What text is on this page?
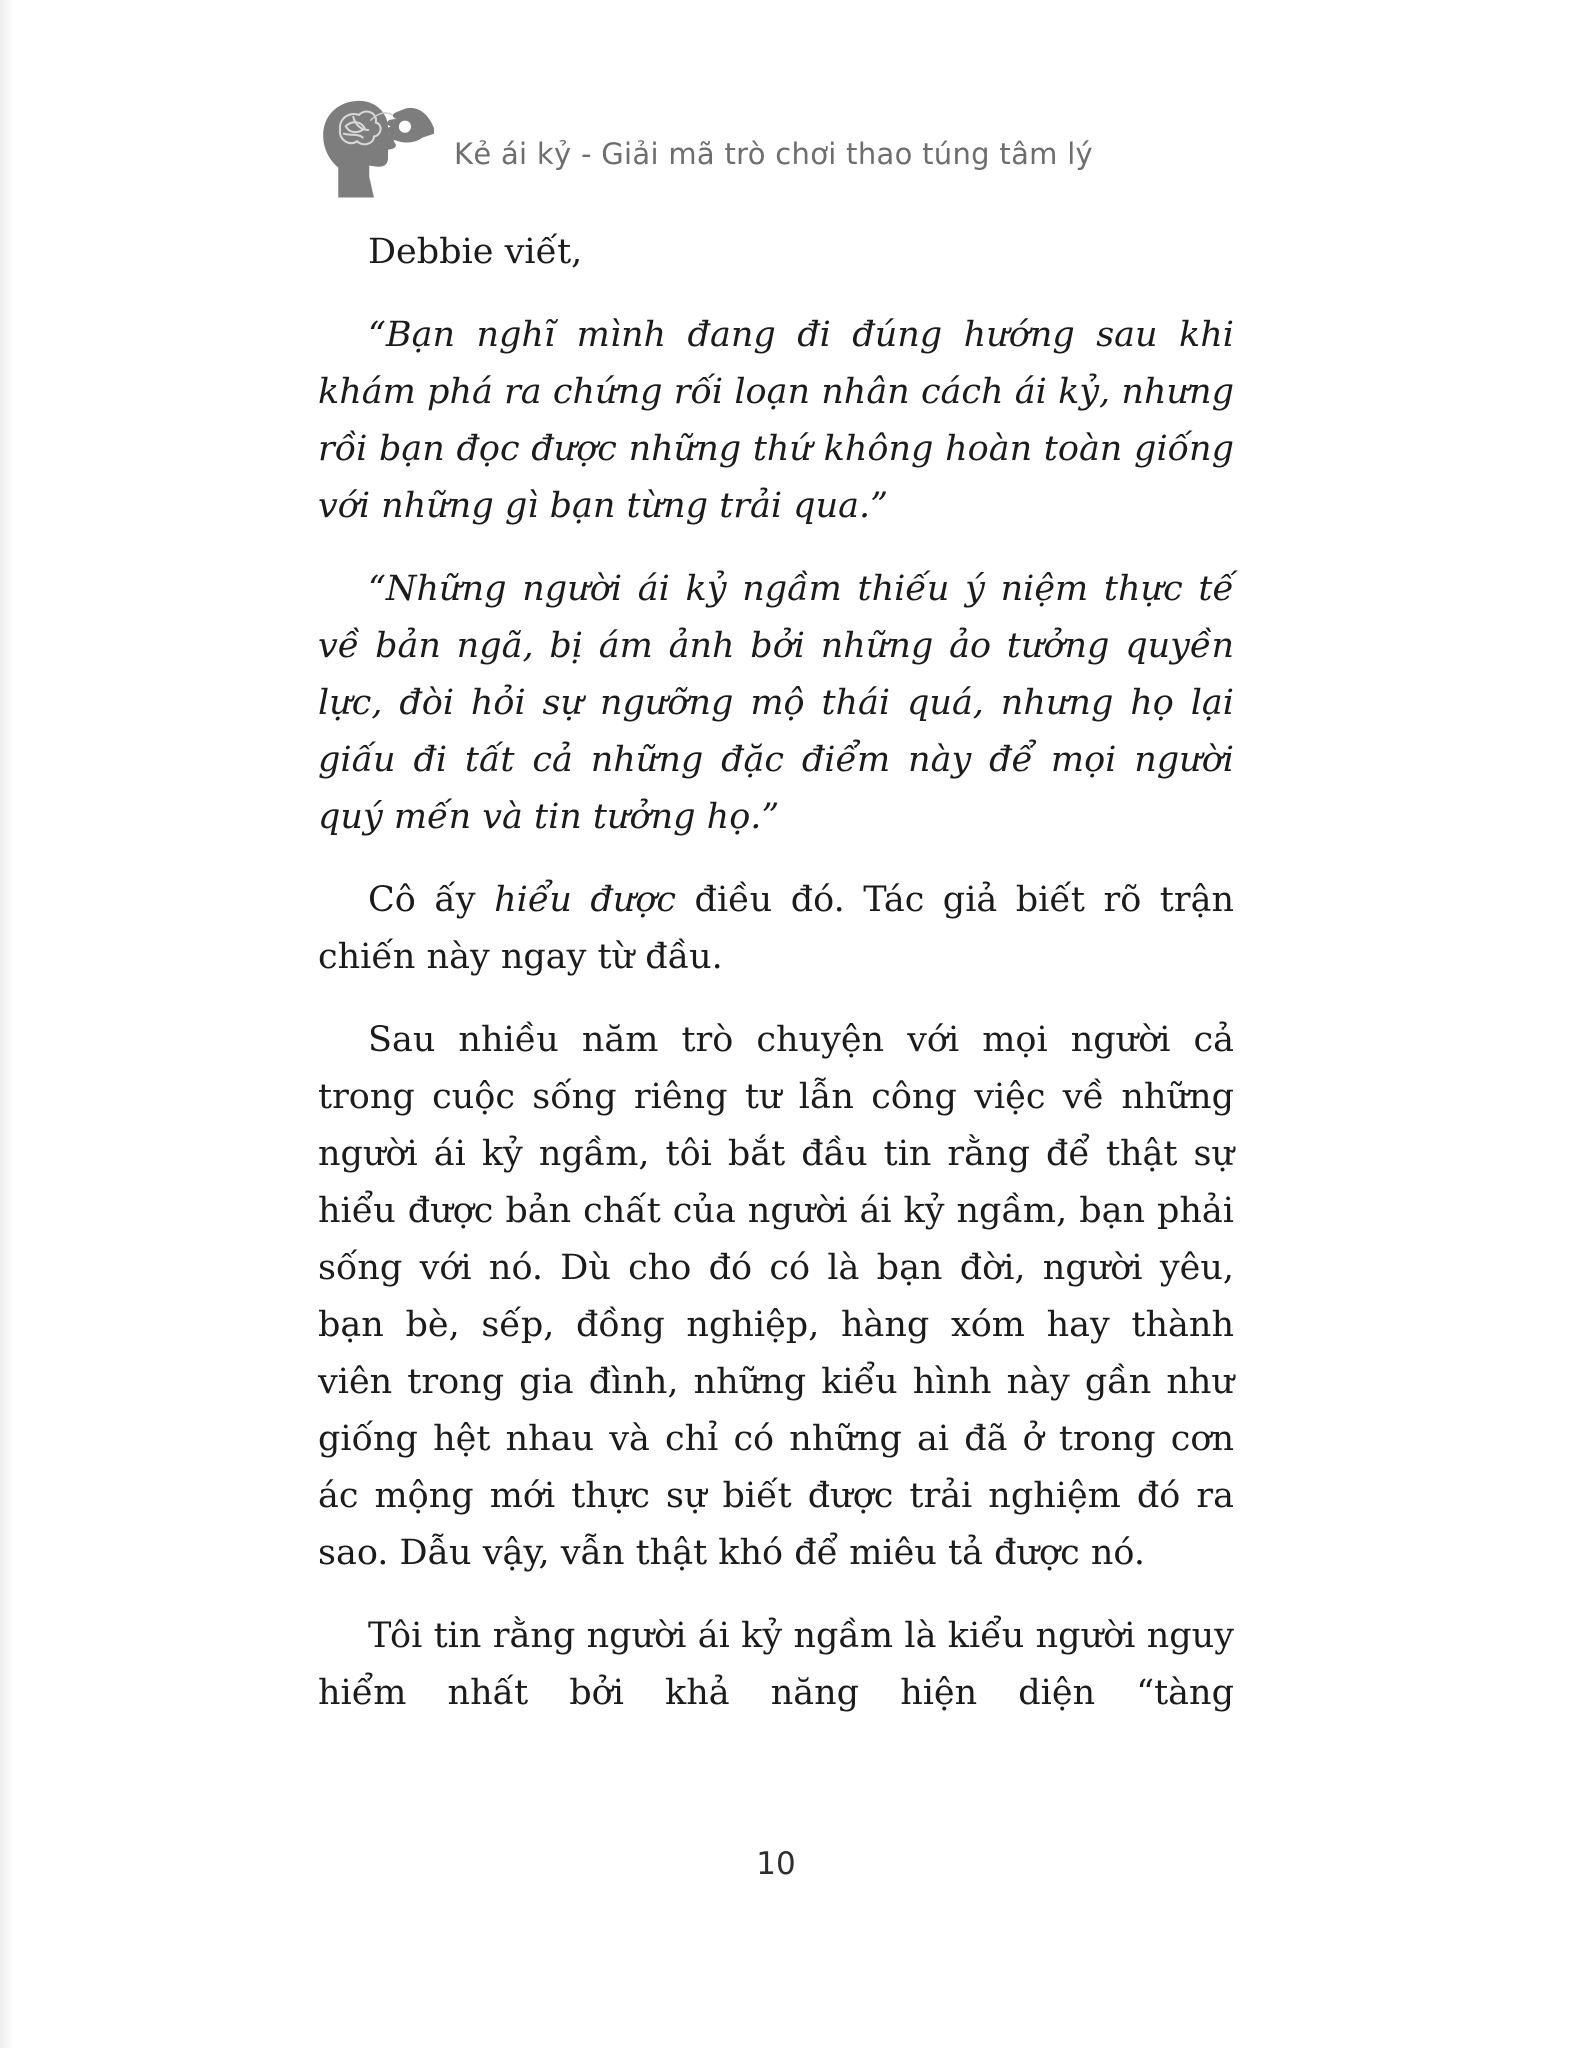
Kẻ ái kỷ - Giải mã trò chơi thao túng tâm lý

Debbie viết,

“Bạn nghĩ mình đang đi đúng hướng sau khi khám phá ra chứng rối loạn nhân cách ái kỷ, nhưng rồi bạn đọc được những thứ không hoàn toàn giống với những gì bạn từng trải qua.”

“Những người ái kỷ ngầm thiếu ý niệm thực tế về bản ngã, bị ám ảnh bởi những ảo tưởng quyền lực, đòi hỏi sự ngưỡng mộ thái quá, nhưng họ lại giấu đi tất cả những đặc điểm này để mọi người quý mến và tin tưởng họ.”

Cô ấy hiểu được điều đó. Tác giả biết rõ trận chiến này ngay từ đầu.

Sau nhiều năm trò chuyện với mọi người cả trong cuộc sống riêng tư lẫn công việc về những người ái kỷ ngầm, tôi bắt đầu tin rằng để thật sự hiểu được bản chất của người ái kỷ ngầm, bạn phải sống với nó. Dù cho đó có là bạn đời, người yêu, bạn bè, sếp, đồng nghiệp, hàng xóm hay thành viên trong gia đình, những kiểu hình này gần như giống hệt nhau và chỉ có những ai đã ở trong cơn ác mộng mới thực sự biết được trải nghiệm đó ra sao. Dẫu vậy, vẫn thật khó để miêu tả được nó.

Tôi tin rằng người ái kỷ ngầm là kiểu người nguy hiểm nhất bởi khả năng hiện diện “tàng

10
